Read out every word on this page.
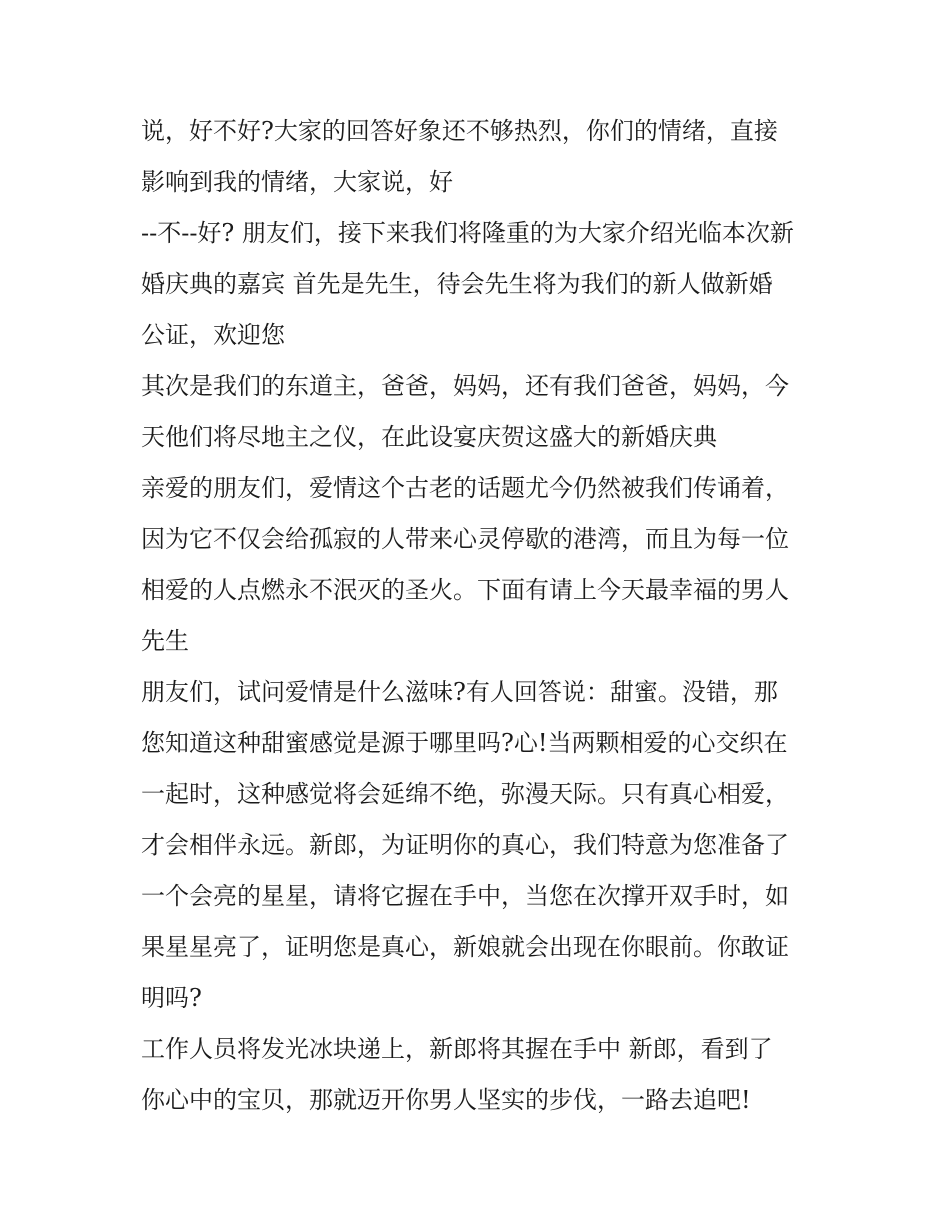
说，好不好?大家的回答好象还不够热烈，你们的情绪，直接
影响到我的情绪，大家说，好
--不--好? 朋友们，接下来我们将隆重的为大家介绍光临本次新
婚庆典的嘉宾 首先是先生，待会先生将为我们的新人做新婚
公证，欢迎您
其次是我们的东道主，爸爸，妈妈，还有我们爸爸，妈妈，今
天他们将尽地主之仪，在此设宴庆贺这盛大的新婚庆典
亲爱的朋友们，爱情这个古老的话题尤今仍然被我们传诵着，
因为它不仅会给孤寂的人带来心灵停歇的港湾，而且为每一位
相爱的人点燃永不泯灭的圣火。下面有请上今天最幸福的男人
先生
朋友们，试问爱情是什么滋味?有人回答说：甜蜜。没错，那
您知道这种甜蜜感觉是源于哪里吗?心!当两颗相爱的心交织在
一起时，这种感觉将会延绵不绝，弥漫天际。只有真心相爱，
才会相伴永远。新郎，为证明你的真心，我们特意为您准备了
一个会亮的星星，请将它握在手中，当您在次撑开双手时，如
果星星亮了，证明您是真心，新娘就会出现在你眼前。你敢证
明吗?
工作人员将发光冰块递上，新郎将其握在手中 新郎，看到了
你心中的宝贝，那就迈开你男人坚实的步伐，一路去追吧!
